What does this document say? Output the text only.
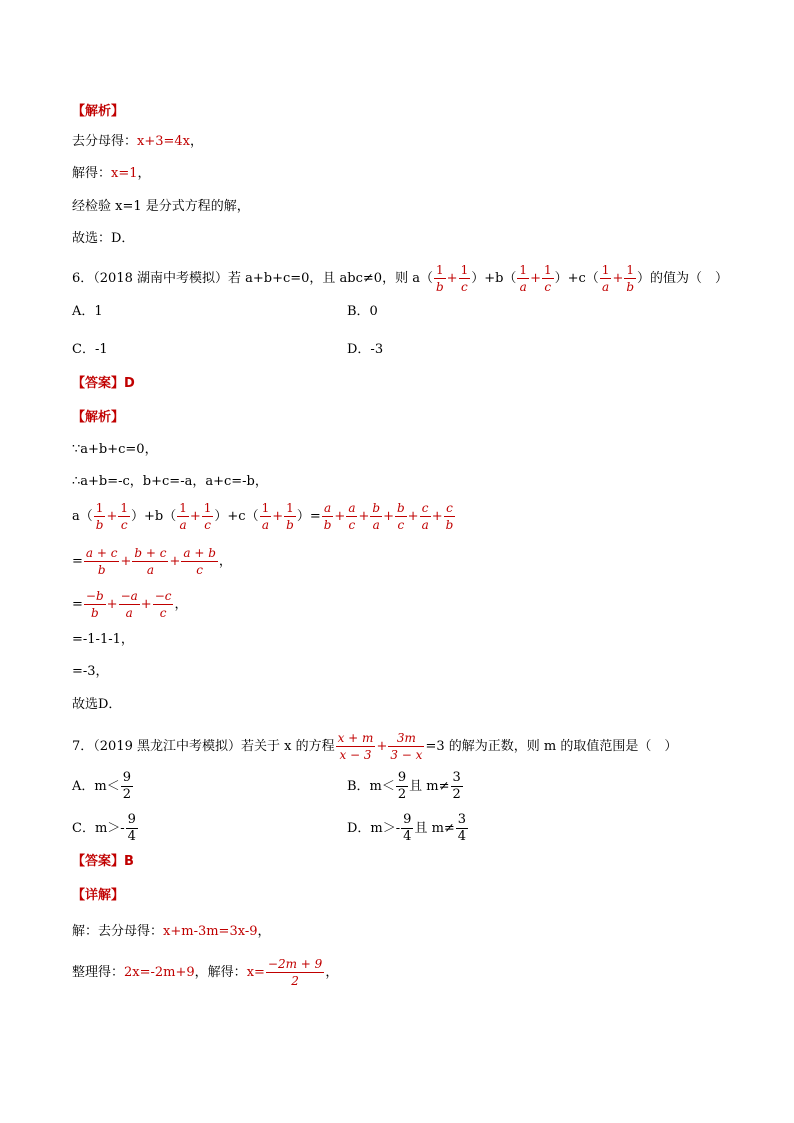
【解析】
去分母得：x+3=4x，
解得：x=1，
经检验 x=1 是分式方程的解，
故选：D．
6．（2018 湖南中考模拟）若 a+b+c=0，且 abc≠0，则 $a( \frac{1}{b} + \frac{1}{c} )+b( \frac{1}{a} + \frac{1}{c} )+c( \frac{1}{a} + \frac{1}{b}$ ）的值为（　）
A．1	B．0
C．-1	D．-3
【答案】D
【解析】
∵a+b+c=0，
∴a+b=-c，b+c=-a，a+c=-b，
$a( \frac{1}{b} + \frac{1}{c} )+b( \frac{1}{a} + \frac{1}{c} )+c( \frac{1}{a} + \frac{1}{b}$ ）= $\frac{a}{b} + \frac{a}{c} + \frac{b}{a} + \frac{b}{c} + \frac{c}{a} + \frac{c}{b}$
= $\frac{a + c}{b} + \frac{b + c}{a} + \frac{a + b}{c}$ ，
= $\frac{-b}{b} + \frac{-a}{a} + \frac{-c}{c}$ ，
=-1-1-1，
=-3，
故选D．
7．（2019 黑龙江中考模拟）若关于 x 的方程 $\frac{x + m}{x - 3} + \frac{3m}{3 - x} =3$ 的解为正数，则 m 的取值范围是（　）
A．$m< \frac{9}{2}$	B．$m< \frac{9}{2}$ 且 $m\ne \frac{3}{2}$
C．$m>- \frac{9}{4}$	D．$m>- \frac{9}{4}$ 且 $m\ne \frac{3}{4}$
【答案】B
【详解】
解：去分母得：x+m-3m=3x-9，
整理得：2x=-2m+9，解得：$x= \frac{-2m + 9}{2}$ ，
